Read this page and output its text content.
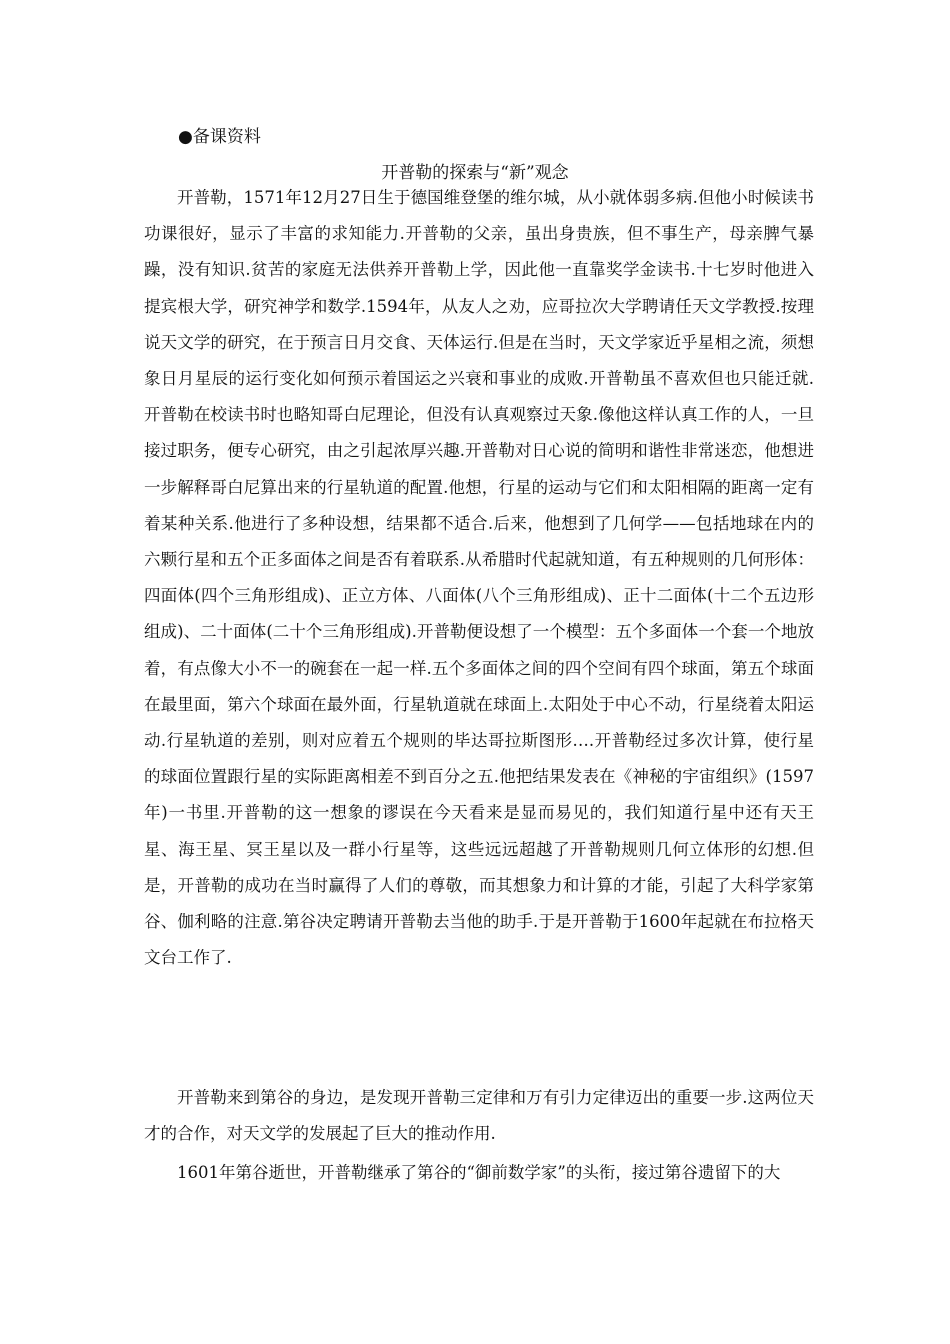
●备课资料
开普勒的探索与“新”观念

开普勒，1571年12月27日生于德国维登堡的维尔城，从小就体弱多病.但他小时候读书功课很好，显示了丰富的求知能力.开普勒的父亲，虽出身贵族，但不事生产，母亲脾气暴躁，没有知识.贫苦的家庭无法供养开普勒上学，因此他一直靠奖学金读书.十七岁时他进入提宾根大学，研究神学和数学.1594年，从友人之劝，应哥拉次大学聘请任天文学教授.按理说天文学的研究，在于预言日月交食、天体运行.但是在当时，天文学家近乎星相之流，须想象日月星辰的运行变化如何预示着国运之兴衰和事业的成败.开普勒虽不喜欢但也只能迁就.开普勒在校读书时也略知哥白尼理论，但没有认真观察过天象.像他这样认真工作的人，一旦接过职务，便专心研究，由之引起浓厚兴趣.开普勒对日心说的简明和谐性非常迷恋，他想进一步解释哥白尼算出来的行星轨道的配置.他想，行星的运动与它们和太阳相隔的距离一定有着某种关系.他进行了多种设想，结果都不适合.后来，他想到了几何学——包括地球在内的六颗行星和五个正多面体之间是否有着联系.从希腊时代起就知道，有五种规则的几何形体：四面体(四个三角形组成)、正立方体、八面体(八个三角形组成)、正十二面体(十二个五边形组成)、二十面体(二十个三角形组成).开普勒便设想了一个模型：五个多面体一个套一个地放着，有点像大小不一的碗套在一起一样.五个多面体之间的四个空间有四个球面，第五个球面在最里面，第六个球面在最外面，行星轨道就在球面上.太阳处于中心不动，行星绕着太阳运动.行星轨道的差别，则对应着五个规则的毕达哥拉斯图形….开普勒经过多次计算，使行星的球面位置跟行星的实际距离相差不到百分之五.他把结果发表在《神秘的宇宙组织》(1597年)一书里.开普勒的这一想象的谬误在今天看来是显而易见的，我们知道行星中还有天王星、海王星、冥王星以及一群小行星等，这些远远超越了开普勒规则几何立体形的幻想.但是，开普勒的成功在当时赢得了人们的尊敬，而其想象力和计算的才能，引起了大科学家第谷、伽利略的注意.第谷决定聘请开普勒去当他的助手.于是开普勒于1600年起就在布拉格天文台工作了.

开普勒来到第谷的身边，是发现开普勒三定律和万有引力定律迈出的重要一步.这两位天才的合作，对天文学的发展起了巨大的推动作用.

1601年第谷逝世，开普勒继承了第谷的“御前数学家”的头衔，接过第谷遗留下的大
